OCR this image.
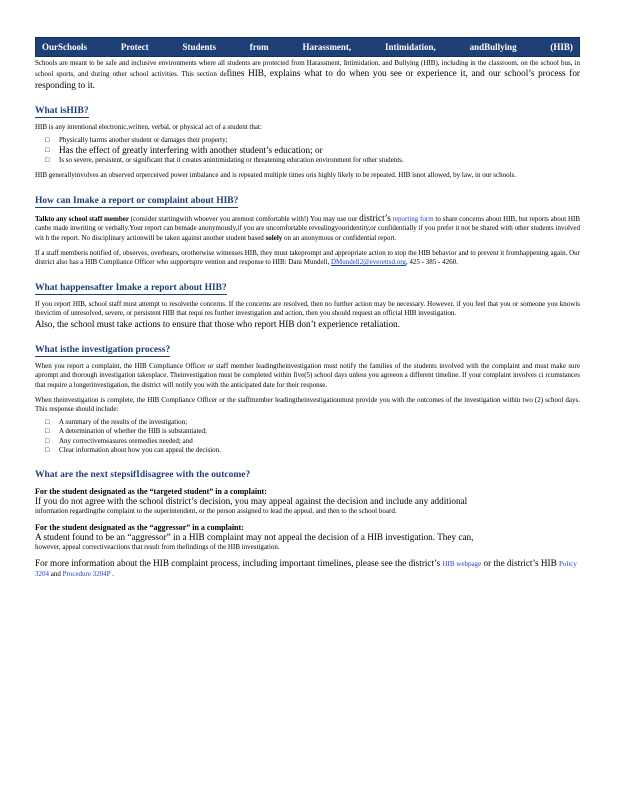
OurSchools	Protect	Students	from	Harassment,	Intimidation,	andBullying	(HIB)

Schools are meant to be safe and inclusive environments where all students are protected from Harassment, Intimidation, and Bullying (HIB), including in the classroom, on the school bus, in school sports, and during other school activities. This section defines HIB, explains what to do when you see or experience it, and our school’s process for responding to it.

What isHIB?

HIB is any intentional electronic,written, verbal, or physical act of a student that:

□ Physically harms another student or damages their property;
□ Has the effect of greatly interfering with another student’s education; or
□ Is so severe, persistent, or significant that it creates anintimidating or threatening education environment for other students.

HIB generallyinvolves an observed orperceived power imbalance and is repeated multiple times oris highly likely to be repeated. HIB isnot allowed, by law, in our schools.

How can Imake a report or complaint about HIB?

Talkto any school staff member (consider startingwith whoever you aremost comfortable with!) You may use our district’s reporting form to share concerns about HIB, but reports about HIB canbe made inwriting or verbally.Your report can bemade anonymously,if you are uncomfortable revealingyouridentity,or confidentially if you prefer it not be shared with other students involved wit h the report. No disciplinary actionwill be taken against another student based solely on an anonymous or confidential report.

If a staff memberis notified of, observes, overhears, orotherwise witnesses HIB, they must takeprompt and appropriate action to stop the HIB behavior and to prevent it fromhappening again. Our district also has a HIB Compliance Officer who supportspre vention and response to HIB: Dani Mundell, DMundell2@everettsd.org, 425 - 385 - 4260.

What happensafter Imake a report about HIB?

If you report HIB, school staff must attempt to resolvethe concerns. If the concerns are resolved, then no further action may be necessary. However, if you feel that you or someone you knowis thevictim of unresolved, severe, or persistent HIB that requi res further investigation and action, then you should request an official HIB investigation.

Also, the school must take actions to ensure that those who report HIB don’t experience retaliation.

What isthe investigation process?

When you report a complaint, the HIB Compliance Officer or staff member leadingtheinvestigation must notify the families of the students involved with the complaint and must make sure aprompt and thorough investigation takesplace. Theinvestigation must be completed within five(5) school days unless you agreeon a different timeline. If your complaint involves ci rcumstances that require a longerinvestigation, the district will notify you with the anticipated date for their response.

When theinvestigation is complete, the HIB Compliance Officer or the staffmember leadingtheinvestigationmust provide you with the outcomes of the investigation within two (2) school days. This response should include:

□ A summary of the results of the investigation;
□ A determination of whether the HIB is substantiated;
□ Any correctivemeasures oremedies needed; and
□ Clear information about how you can appeal the decision.
What are the next stepsifIdisagree with the outcome?
For the student designated as the “targeted student” in a complaint:

If you do not agree with the school district’s decision, you may appeal against the decision and include any additional

information regardingthe complaint to the superintendent, or the person assigned to lead the appeal, and then to the school board.

For the student designated as the “aggressor” in a complaint:

A student found to be an “aggressor” in a HIB complaint may not appeal the decision of a HIB investigation. They can,

however, appeal correctiveactions that result from thefindings of the HIB investigation.

For more information about the HIB complaint process, including important timelines, please see the district’s HIB webpage or the district’s HIB Policy 3204 and Procedure 3204P .
